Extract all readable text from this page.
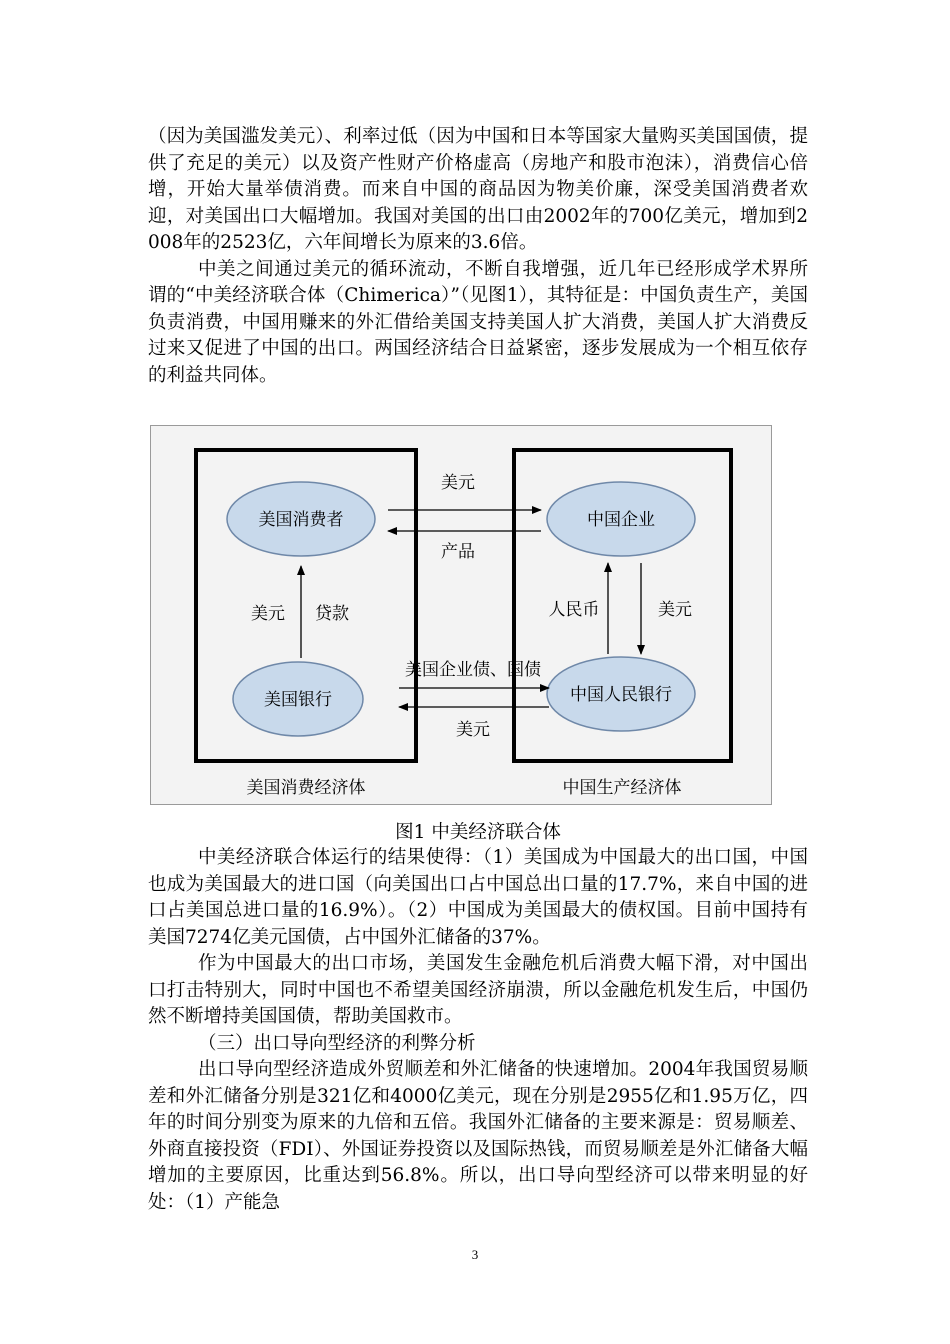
（因为美国滥发美元）、利率过低（因为中国和日本等国家大量购买美国国债，提供了充足的美元）以及资产性财产价格虚高（房地产和股市泡沫），消费信心倍增，开始大量举债消费。而来自中国的商品因为物美价廉，深受美国消费者欢迎，对美国出口大幅增加。我国对美国的出口由2002年的700亿美元，增加到2008年的2523亿，六年间增长为原来的3.6倍。

中美之间通过美元的循环流动，不断自我增强，近几年已经形成学术界所谓的“中美经济联合体（Chimerica）”（见图1），其特征是：中国负责生产，美国负责消费，中国用赚来的外汇借给美国支持美国人扩大消费，美国人扩大消费反过来又促进了中国的出口。两国经济结合日益紧密，逐步发展成为一个相互依存的利益共同体。

美国消费者
美国银行
中国企业
中国人民银行
美元
产品
美元 贷款	人民币	美元
美国企业债、国债
美元
美国消费经济体	中国生产经济体
图1 中美经济联合体

中美经济联合体运行的结果使得：（1）美国成为中国最大的出口国，中国也成为美国最大的进口国（向美国出口占中国总出口量的17.7%，来自中国的进口占美国总进口量的16.9%）。（2）中国成为美国最大的债权国。目前中国持有美国7274亿美元国债，占中国外汇储备的37%。

作为中国最大的出口市场，美国发生金融危机后消费大幅下滑，对中国出口打击特别大，同时中国也不希望美国经济崩溃，所以金融危机发生后，中国仍然不断增持美国国债，帮助美国救市。

（三）出口导向型经济的利弊分析

出口导向型经济造成外贸顺差和外汇储备的快速增加。2004年我国贸易顺差和外汇储备分别是321亿和4000亿美元，现在分别是2955亿和1.95万亿，四年的时间分别变为原来的九倍和五倍。我国外汇储备的主要来源是：贸易顺差、外商直接投资（FDI）、外国证券投资以及国际热钱，而贸易顺差是外汇储备大幅增加的主要原因，比重达到56.8%。所以，出口导向型经济可以带来明显的好处：（1）产能急

3
